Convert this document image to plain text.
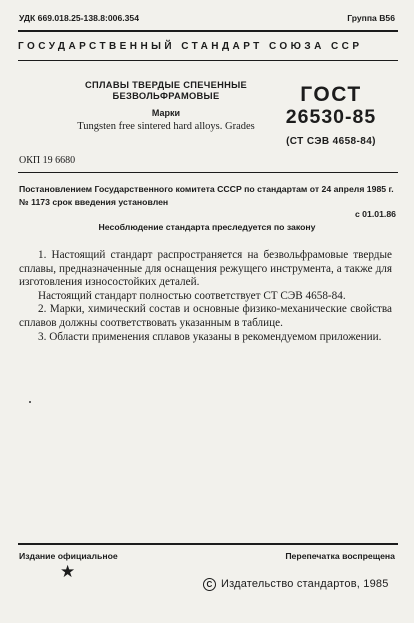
УДК 669.018.25-138.8:006.354	Группа В56
ГОСУДАРСТВЕННЫЙ СТАНДАРТ СОЮЗА ССР
СПЛАВЫ ТВЕРДЫЕ СПЕЧЕННЫЕ
БЕЗВОЛЬФРАМОВЫЕ
Марки
Tungsten free sintered hard alloys. Grades
ГОСТ
26530-85
(СТ СЭВ 4658-84)
ОКП 19 6680
Постановлением Государственного комитета СССР по стандартам от 24 апреля 1985 г. № 1173 срок введения установлен
с 01.01.86
Несоблюдение стандарта преследуется по закону

1. Настоящий стандарт распространяется на безвольфрамовые твердые сплавы, предназначенные для оснащения режущего инструмента, а также для изготовления износостойких деталей.

Настоящий стандарт полностью соответствует СТ СЭВ 4658-84.

2. Марки, химический состав и основные физико-механические свойства сплавов должны соответствовать указанным в таблице.

3. Области применения сплавов указаны в рекомендуемом приложении.

Издание официальное	Перепечатка воспрещена
★
C Издательство стандартов, 1985
